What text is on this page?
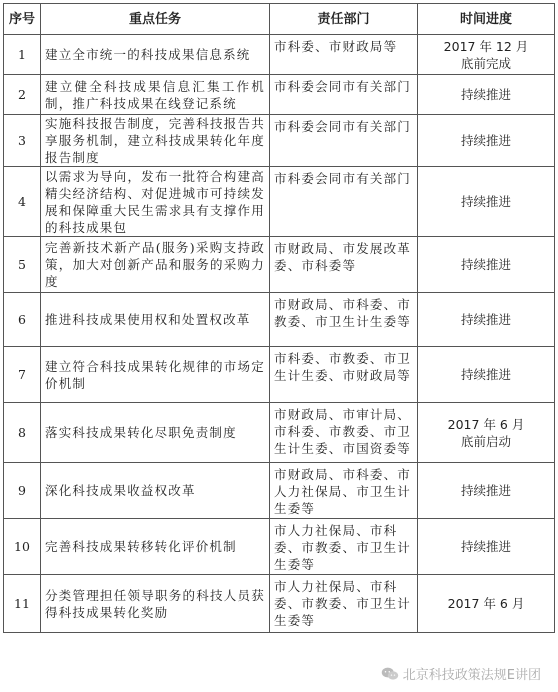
序号	重点任务	责任部门	时间进度
1	建立全市统一的科技成果信息系统	市科委、市财政局等	2017 年 12 月
底前完成
2	建立健全科技成果信息汇集工作机制，推广科技成果在线登记系统	市科委会同市有关部门	持续推进
3	实施科技报告制度，完善科技报告共享服务机制，建立科技成果转化年度报告制度	市科委会同市有关部门	持续推进
4	以需求为导向，发布一批符合构建高精尖经济结构、对促进城市可持续发展和保障重大民生需求具有支撑作用的科技成果包	市科委会同市有关部门	持续推进
5	完善新技术新产品(服务)采购支持政策，加大对创新产品和服务的采购力度	市财政局、市发展改革委、市科委等	持续推进
6	推进科技成果使用权和处置权改革	市财政局、市科委、市教委、市卫生计生委等	持续推进
7	建立符合科技成果转化规律的市场定价机制	市科委、市教委、市卫生计生委、市财政局等	持续推进
8	落实科技成果转化尽职免责制度	市财政局、市审计局、市科委、市教委、市卫生计生委、市国资委等	2017 年 6 月
底前启动
9	深化科技成果收益权改革	市财政局、市科委、市人力社保局、市卫生计生委等	持续推进
10	完善科技成果转移转化评价机制	市人力社保局、市科委、市教委、市卫生计生委等	持续推进
11	分类管理担任领导职务的科技人员获得科技成果转化奖励	市人力社保局、市科委、市教委、市卫生计生委等	2017 年 6 月
北京科技政策法规E讲团
